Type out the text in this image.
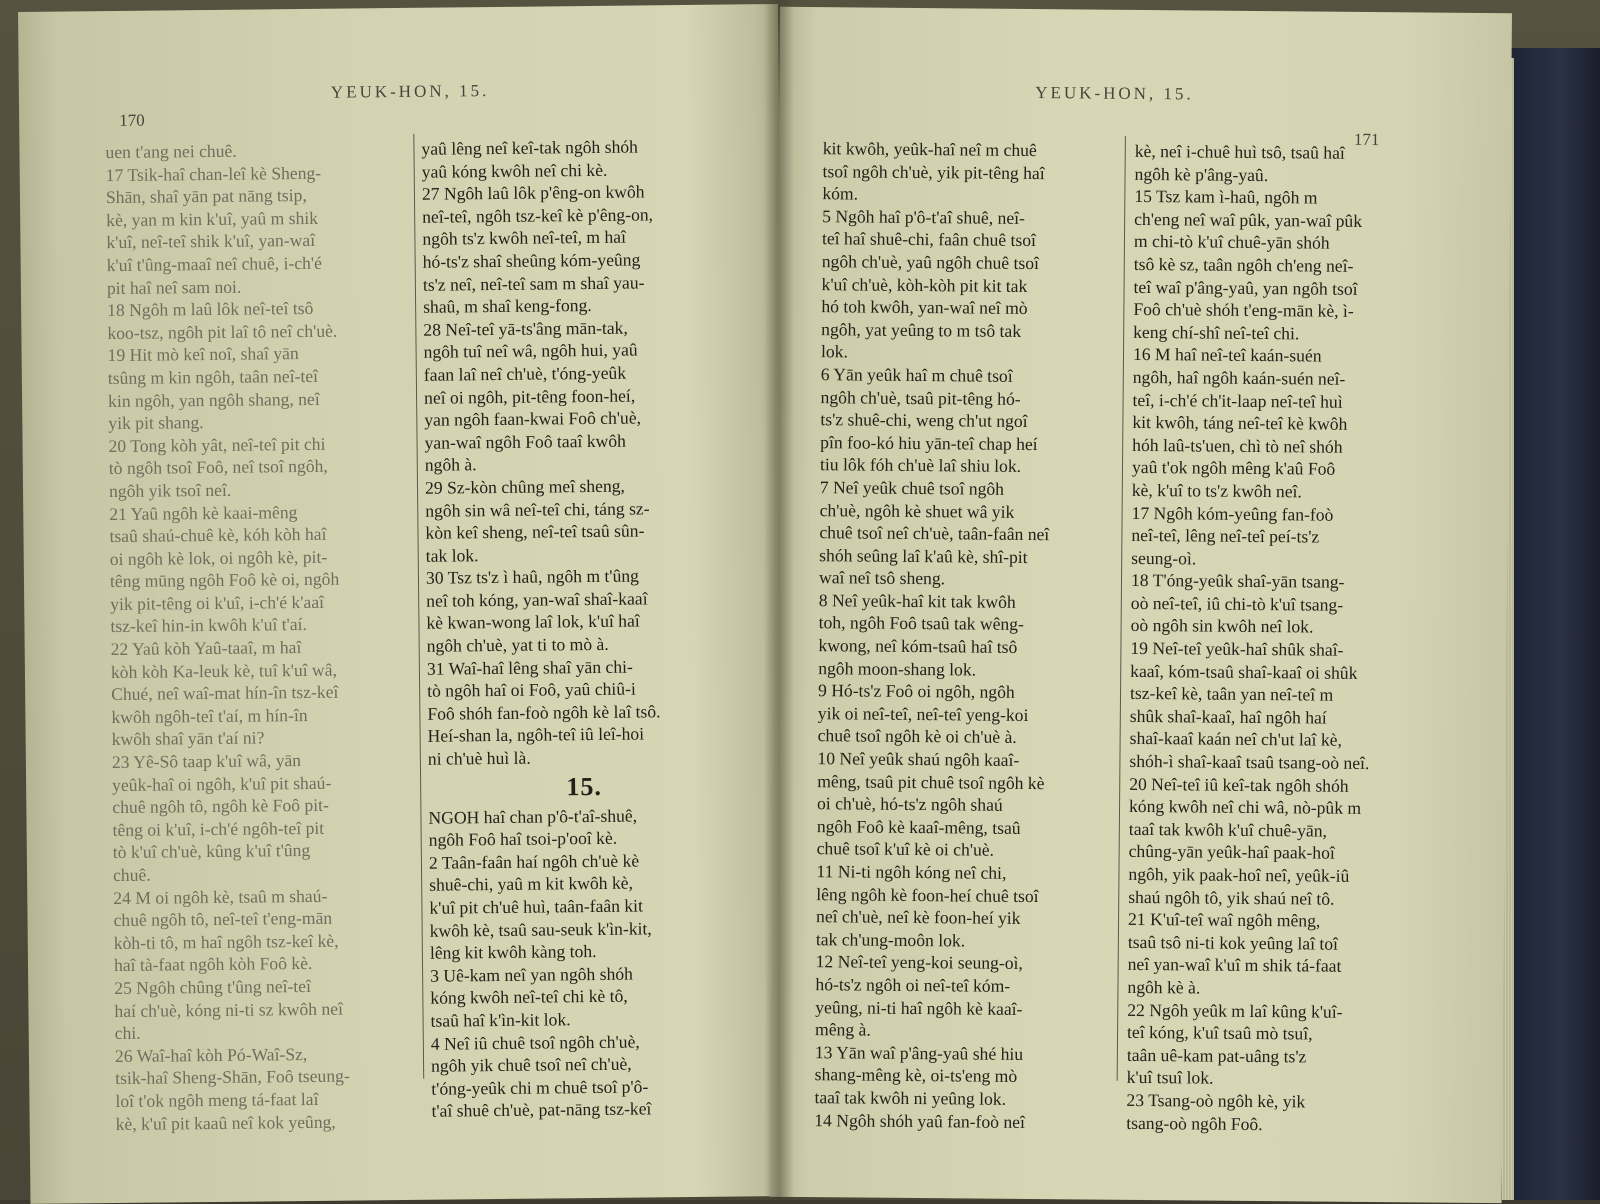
170
YEUK-HON, 15.
uen t'ang nei chuê.
17 Tsik-haî chan-leî kè Sheng-
Shān, shaî yān pat nāng tsip,
kè, yan m kin k'uî, yaû m shik
k'uî, neî-teî shik k'uî, yan-waî
k'uî t'ûng-maaî neî chuê, i-ch'é
pit haî neî sam noi.
18 Ngôh m laû lôk neî-teî tsô
koo-tsz, ngôh pit laî tô neî ch'uè.
19 Hit mò keî noî, shaî yān
tsûng m kin ngôh, taân neî-teî
kin ngôh, yan ngôh shang, neî
yik pit shang.
20 Tong kòh yât, neî-teî pit chi
tò ngôh tsoî Foô, neî tsoî ngôh,
ngôh yik tsoî neî.
21 Yaû ngôh kè kaai-mêng
tsaû shaú-chuê kè, kóh kòh haî
oi ngôh kè lok, oi ngôh kè, pit-
têng mūng ngôh Foô kè oi, ngôh
yik pit-têng oi k'uî, i-ch'é k'aaî
tsz-keî hin-in kwôh k'uî t'aí.
22 Yaû kòh Yaû-taaî, m haî
kòh kòh Ka-leuk kè, tuî k'uî wâ,
Chué, neî waî-mat hín-în tsz-keî
kwôh ngôh-teî t'aí, m hín-în
kwôh shaî yān t'aí ni?
23 Yê-Sô taap k'uî wâ, yān
yeûk-haî oi ngôh, k'uî pit shaú-
chuê ngôh tô, ngôh kè Foô pit-
têng oi k'uî, i-ch'é ngôh-teî pit
tò k'uî ch'uè, kûng k'uî t'ûng
chuê.
24 M oi ngôh kè, tsaû m shaú-
chuê ngôh tô, neî-teî t'eng-mān
kòh-ti tô, m haî ngôh tsz-keî kè,
haî tà-faat ngôh kòh Foô kè.
25 Ngôh chûng t'ûng neî-teî
haí ch'uè, kóng ni-ti sz kwôh neî
chi.
26 Waî-haî kòh Pó-Waî-Sz,
tsik-haî Sheng-Shān, Foô tseung-
loî t'ok ngôh meng tá-faat laî
kè, k'uî pit kaaû neî kok yeûng,
yaû lêng neî keî-tak ngôh shóh
yaû kóng kwôh neî chi kè.
27 Ngôh laû lôk p'êng-on kwôh
neî-teî, ngôh tsz-keî kè p'êng-on,
ngôh ts'z kwôh neî-teî, m haî
hó-ts'z shaî sheûng kóm-yeûng
ts'z neî, neî-teî sam m shaî yau-
shaû, m shaî keng-fong.
28 Neî-teî yā-ts'âng mān-tak,
ngôh tuî neî wâ, ngôh hui, yaû
faan laî neî ch'uè, t'óng-yeûk
neî oi ngôh, pit-têng foon-heí,
yan ngôh faan-kwai Foô ch'uè,
yan-waî ngôh Foô taaî kwôh
ngôh à.
29 Sz-kòn chûng meî sheng,
ngôh sin wâ neî-teî chi, táng sz-
kòn keî sheng, neî-teî tsaû sûn-
tak lok.
30 Tsz ts'z ì haû, ngôh m t'ûng
neî toh kóng, yan-waî shaî-kaaî
kè kwan-wong laî lok, k'uî haî
ngôh ch'uè, yat ti to mò à.
31 Waî-haî lêng shaî yān chi-
tò ngôh haî oi Foô, yaû chiû-i
Foô shóh fan-foò ngôh kè laî tsô.
Heí-shan la, ngôh-teî iû leî-hoi
ni ch'uè huì là.
15.
NGOH haî chan p'ô-t'aî-shuê,
ngôh Foô haî tsoi-p'ooî kè.
2 Taân-faân haí ngôh ch'uè kè
shuê-chi, yaû m kit kwôh kè,
k'uî pit ch'uê huì, taân-faân kit
kwôh kè, tsaû sau-seuk k'ìn-kit,
lêng kit kwôh kàng toh.
3 Uê-kam neî yan ngôh shóh
kóng kwôh neî-teî chi kè tô,
tsaû haî k'ìn-kit lok.
4 Neî iû chuê tsoî ngôh ch'uè,
ngôh yik chuê tsoî neî ch'uè,
t'óng-yeûk chi m chuê tsoî p'ô-
t'aî shuê ch'uè, pat-nāng tsz-keî
YEUK-HON, 15.
171
kit kwôh, yeûk-haî neî m chuê
tsoî ngôh ch'uè, yik pit-têng haî
kóm.
5 Ngôh haî p'ô-t'aî shuê, neî-
teî haî shuê-chi, faân chuê tsoî
ngôh ch'uè, yaû ngôh chuê tsoî
k'uî ch'uè, kòh-kòh pit kit tak
hó toh kwôh, yan-waî neî mò
ngôh, yat yeûng to m tsô tak
lok.
6 Yān yeûk haî m chuê tsoî
ngôh ch'uè, tsaû pit-têng hó-
ts'z shuê-chi, weng ch'ut ngoî
pîn foo-kó hiu yān-teî chap heí
tiu lôk fóh ch'uè laî shiu lok.
7 Neî yeûk chuê tsoî ngôh
ch'uè, ngôh kè shuet wâ yik
chuê tsoî neî ch'uè, taân-faân neî
shóh seûng laî k'aû kè, shî-pit
waî neî tsô sheng.
8 Neî yeûk-haî kit tak kwôh
toh, ngôh Foô tsaû tak wêng-
kwong, neî kóm-tsaû haî tsô
ngôh moon-shang lok.
9 Hó-ts'z Foô oi ngôh, ngôh
yik oi neî-teî, neî-teî yeng-koi
chuê tsoî ngôh kè oi ch'uè à.
10 Neî yeûk shaú ngôh kaaî-
mêng, tsaû pit chuê tsoî ngôh kè
oi ch'uè, hó-ts'z ngôh shaú
ngôh Foô kè kaaî-mêng, tsaû
chuê tsoî k'uî kè oi ch'uè.
11 Ni-ti ngôh kóng neî chi,
lêng ngôh kè foon-heí chuê tsoî
neî ch'uè, neî kè foon-heí yik
tak ch'ung-moôn lok.
12 Neî-teî yeng-koi seung-oì,
hó-ts'z ngôh oi neî-teî kóm-
yeûng, ni-ti haî ngôh kè kaaî-
mêng à.
13 Yān waî p'âng-yaû shé hiu
shang-mêng kè, oi-ts'eng mò
taaî tak kwôh ni yeûng lok.
14 Ngôh shóh yaû fan-foò neî
kè, neî i-chuê huì tsô, tsaû haî
ngôh kè p'âng-yaû.
15 Tsz kam ì-haû, ngôh m
ch'eng neî waî pûk, yan-waî pûk
m chi-tò k'uî chuê-yān shóh
tsô kè sz, taân ngôh ch'eng neî-
teî waî p'âng-yaû, yan ngôh tsoî
Foô ch'uè shóh t'eng-mān kè, ì-
keng chí-shî neî-teî chi.
16 M haî neî-teî kaán-suén
ngôh, haî ngôh kaán-suén neî-
teî, i-ch'é ch'it-laap neî-teî huì
kit kwôh, táng neî-teî kè kwôh
hóh laû-ts'uen, chì tò neî shóh
yaû t'ok ngôh mêng k'aû Foô
kè, k'uî to ts'z kwôh neî.
17 Ngôh kóm-yeûng fan-foò
neî-teî, lêng neî-teî peí-ts'z
seung-oì.
18 T'óng-yeûk shaî-yān tsang-
oò neî-teî, iû chi-tò k'uî tsang-
oò ngôh sin kwôh neî lok.
19 Neî-teî yeûk-haî shûk shaî-
kaaî, kóm-tsaû shaî-kaaî oi shûk
tsz-keî kè, taân yan neî-teî m
shûk shaî-kaaî, haî ngôh haí
shaî-kaaî kaán neî ch'ut laî kè,
shóh-ì shaî-kaaî tsaû tsang-oò neî.
20 Neî-teî iû keî-tak ngôh shóh
kóng kwôh neî chi wâ, nò-pûk m
taaî tak kwôh k'uî chuê-yān,
chûng-yān yeûk-haî paak-hoî
ngôh, yik paak-hoî neî, yeûk-iû
shaú ngôh tô, yik shaú neî tô.
21 K'uî-teî waî ngôh mêng,
tsaû tsô ni-ti kok yeûng laî toî
neî yan-waî k'uî m shik tá-faat
ngôh kè à.
22 Ngôh yeûk m laî kûng k'uî-
teî kóng, k'uî tsaû mò tsuî,
taân uê-kam pat-uâng ts'z
k'uî tsuî lok.
23 Tsang-oò ngôh kè, yik
tsang-oò ngôh Foô.
